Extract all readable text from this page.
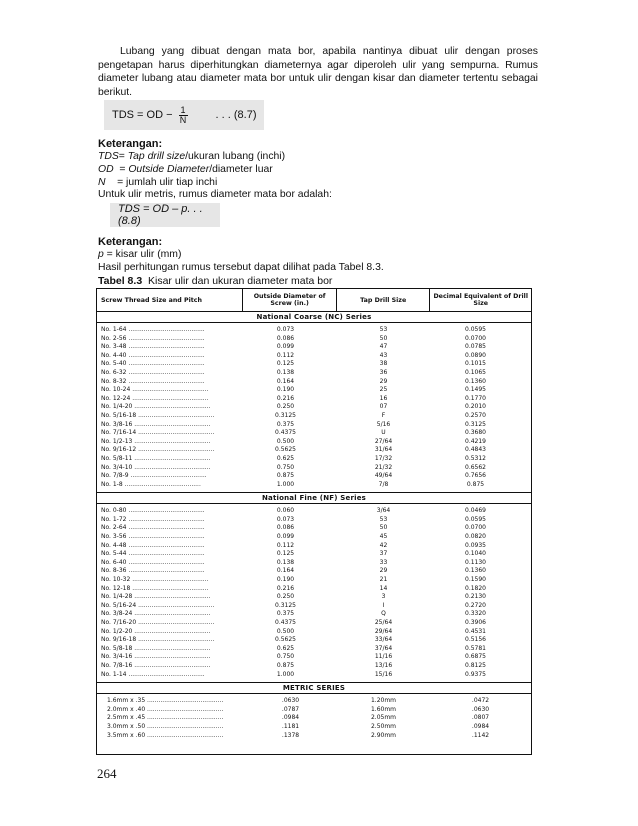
Lubang yang dibuat dengan mata bor, apabila nantinya dibuat ulir dengan proses pengetapan harus diperhitungkan diameternya agar diperoleh ulir yang sempurna. Rumus diameter lubang atau diameter mata bor untuk ulir dengan kisar dan diameter tertentu sebagai berikut.
TDS = OD − $\frac{1}{N}$	. . . (8.7)
Keterangan:
TDS= Tap drill size/ukuran lubang (inchi)
OD  = Outside Diameter/diameter luar
N    = jumlah ulir tiap inchi
Untuk ulir metris, rumus diameter mata bor adalah:
TDS = OD – p. . . (8.8)
Keterangan:
p = kisar ulir (mm)
Hasil perhitungan rumus tersebut dapat dilihat pada Tabel 8.3.
Tabel 8.3  Kisar ulir dan ukuran diameter mata bor
Screw Thread Size and Pitch	Outside Diameter of Screw (in.)	Tap Drill Size	Decimal Equivalent of Drill Size
National Coarse (NC) Series
No. 1-64 ........................................	0.073	53	0.0595
No. 2-56 ........................................	0.086	50	0.0700
No. 3-48 ........................................	0.099	47	0.0785
No. 4-40 ........................................	0.112	43	0.0890
No. 5-40 ........................................	0.125	38	0.1015
No. 6-32 ........................................	0.138	36	0.1065
No. 8-32 ........................................	0.164	29	0.1360
No. 10-24 ........................................	0.190	25	0.1495
No. 12-24 ........................................	0.216	16	0.1770
No. 1/4-20 ........................................	0.250	07	0.2010
No. 5/16-18 ........................................	0.3125	F	0.2570
No. 3/8-16 ........................................	0.375	5/16	0.3125
No. 7/16-14 ........................................	0.4375	U	0.3680
No. 1/2-13 ........................................	0.500	27/64	0.4219
No. 9/16-12 ........................................	0.5625	31/64	0.4843
No. 5/8-11 ........................................	0.625	17/32	0.5312
No. 3/4-10 ........................................	0.750	21/32	0.6562
No. 7/8-9 ........................................	0.875	49/64	0.7656
No. 1-8 ........................................	1.000	7/8	0.875
National Fine (NF) Series
No. 0-80 ........................................	0.060	3/64	0.0469
No. 1-72 ........................................	0.073	53	0.0595
No. 2-64 ........................................	0.086	50	0.0700
No. 3-56 ........................................	0.099	45	0.0820
No. 4-48 ........................................	0.112	42	0.0935
No. 5-44 ........................................	0.125	37	0.1040
No. 6-40 ........................................	0.138	33	0.1130
No. 8-36 ........................................	0.164	29	0.1360
No. 10-32 ........................................	0.190	21	0.1590
No. 12-18 ........................................	0.216	14	0.1820
No. 1/4-28 ........................................	0.250	3	0.2130
No. 5/16-24 ........................................	0.3125	I	0.2720
No. 3/8-24 ........................................	0.375	Q	0.3320
No. 7/16-20 ........................................	0.4375	25/64	0.3906
No. 1/2-20 ........................................	0.500	29/64	0.4531
No. 9/16-18 ........................................	0.5625	33/64	0.5156
No. 5/8-18 ........................................	0.625	37/64	0.5781
No. 3/4-16 ........................................	0.750	11/16	0.6875
No. 7/8-16 ........................................	0.875	13/16	0.8125
No. 1-14 ........................................	1.000	15/16	0.9375
METRIC SERIES
1.6mm x .35 ........................................	.0630	1.20mm	.0472
2.0mm x .40 ........................................	.0787	1.60mm	.0630
2.5mm x .45 ........................................	.0984	2.05mm	.0807
3.0mm x .50 ........................................	.1181	2.50mm	.0984
3.5mm x .60 ........................................	.1378	2.90mm	.1142
264
